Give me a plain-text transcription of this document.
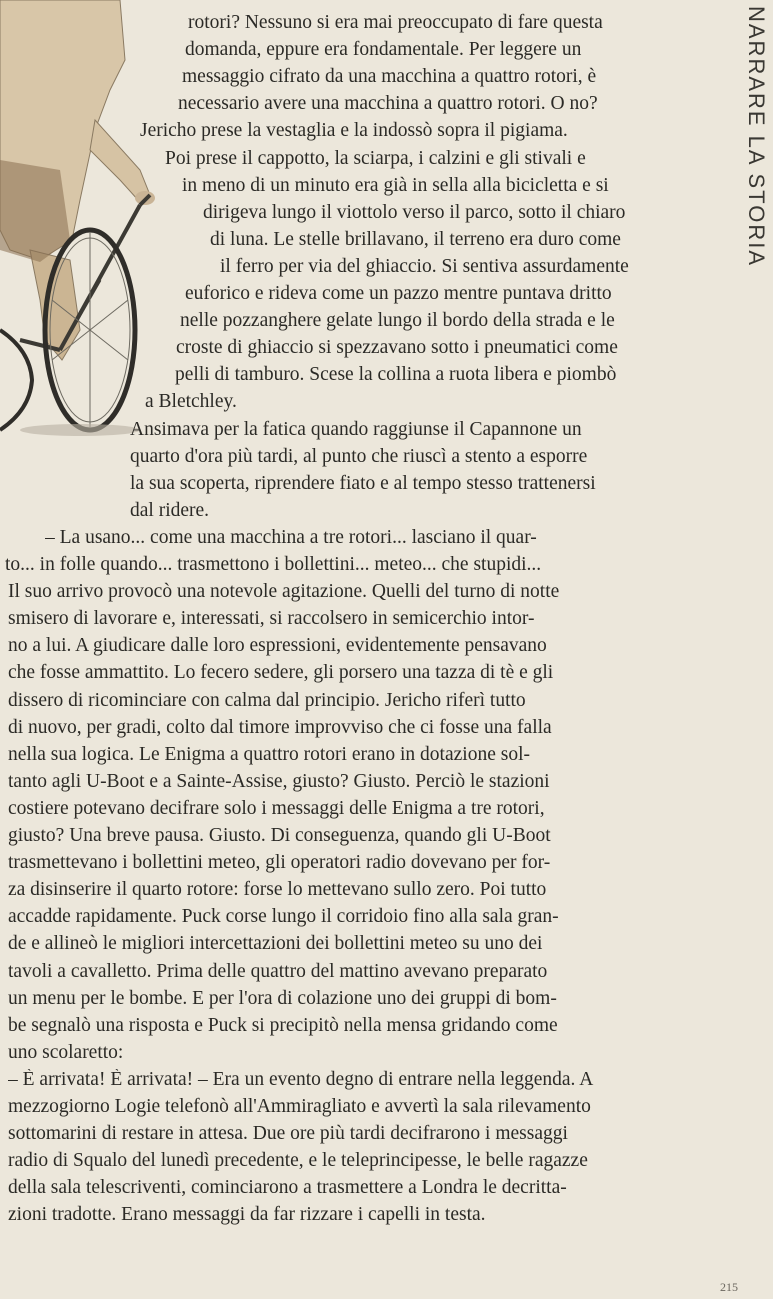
NARRARE LA STORIA
rotori? Nessuno si era mai preoccupato di fare questa
domanda, eppure era fondamentale. Per leggere un
messaggio cifrato da una macchina a quattro rotori, è
necessario avere una macchina a quattro rotori. O no?
Jericho prese la vestaglia e la indossò sopra il pigiama.
Poi prese il cappotto, la sciarpa, i calzini e gli stivali e
in meno di un minuto era già in sella alla bicicletta e si
dirigeva lungo il viottolo verso il parco, sotto il chiaro
di luna. Le stelle brillavano, il terreno era duro come
il ferro per via del ghiaccio. Si sentiva assurdamente
euforico e rideva come un pazzo mentre puntava dritto
nelle pozzanghere gelate lungo il bordo della strada e le
croste di ghiaccio si spezzavano sotto i pneumatici come
pelli di tamburo. Scese la collina a ruota libera e piombò
a Bletchley.
Ansimava per la fatica quando raggiunse il Capannone un
quarto d'ora più tardi, al punto che riuscì a stento a esporre
la sua scoperta, riprendere fiato e al tempo stesso trattenersi
dal ridere.
– La usano... come una macchina a tre rotori... lasciano il quar-
to... in folle quando... trasmettono i bollettini... meteo... che stupidi...
Il suo arrivo provocò una notevole agitazione. Quelli del turno di notte
smisero di lavorare e, interessati, si raccolsero in semicerchio intor-
no a lui. A giudicare dalle loro espressioni, evidentemente pensavano
che fosse ammattito. Lo fecero sedere, gli porsero una tazza di tè e gli
dissero di ricominciare con calma dal principio. Jericho riferì tutto
di nuovo, per gradi, colto dal timore improvviso che ci fosse una falla
nella sua logica. Le Enigma a quattro rotori erano in dotazione sol-
tanto agli U-Boot e a Sainte-Assise, giusto? Giusto. Perciò le stazioni
costiere potevano decifrare solo i messaggi delle Enigma a tre rotori,
giusto? Una breve pausa. Giusto. Di conseguenza, quando gli U-Boot
trasmettevano i bollettini meteo, gli operatori radio dovevano per for-
za disinserire il quarto rotore: forse lo mettevano sullo zero. Poi tutto
accadde rapidamente. Puck corse lungo il corridoio fino alla sala gran-
de e allineò le migliori intercettazioni dei bollettini meteo su uno dei
tavoli a cavalletto. Prima delle quattro del mattino avevano preparato
un menu per le bombe. E per l'ora di colazione uno dei gruppi di bom-
be segnalò una risposta e Puck si precipitò nella mensa gridando come
uno scolaretto:
– È arrivata! È arrivata! – Era un evento degno di entrare nella leggenda. A
mezzogiorno Logie telefonò all'Ammiragliato e avvertì la sala rilevamento
sottomarini di restare in attesa. Due ore più tardi decifrarono i messaggi
radio di Squalo del lunedì precedente, e le teleprincipesse, le belle ragazze
della sala telescriventi, cominciarono a trasmettere a Londra le decritta-
zioni tradotte. Erano messaggi da far rizzare i capelli in testa.
215
